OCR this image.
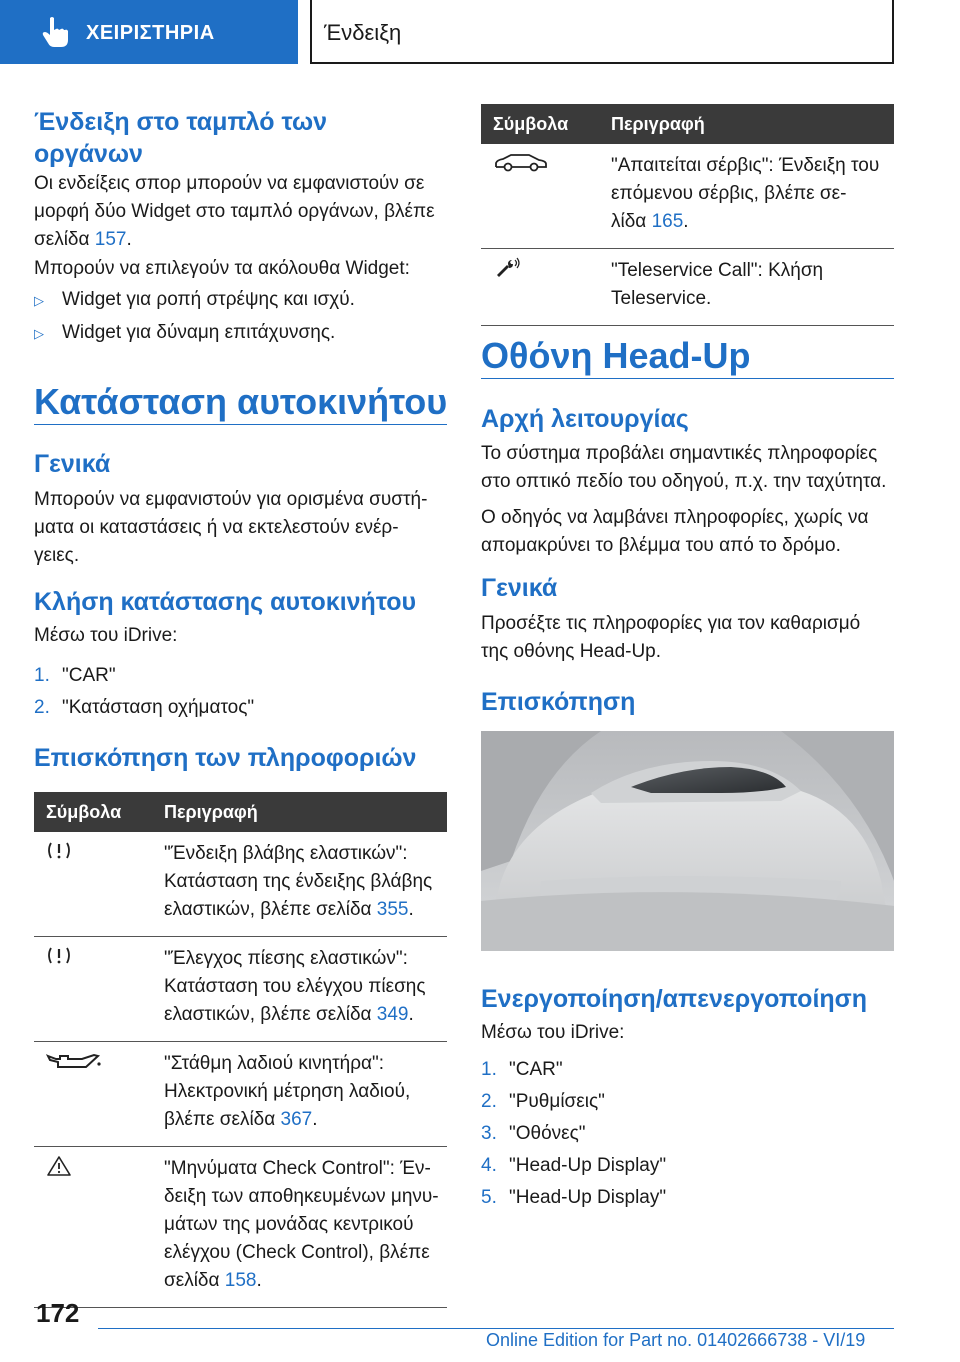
ΧΕΙΡΙΣΤΗΡΙΑ	Ένδειξη
Ένδειξη στο ταμπλό των
οργάνων

Οι ενδείξεις σπορ μπορούν να εμφανιστούν σε

μορφή δύο Widget στο ταμπλό οργάνων, βλέπε

σελίδα 157.

Μπορούν να επιλεγούν τα ακόλουθα Widget:

▷ Widget για ροπή στρέψης και ισχύ.
▷ Widget για δύναμη επιτάχυνσης.
Κατάσταση αυτοκινήτου
Γενικά

Μπορούν να εμφανιστούν για ορισμένα συστή-

ματα οι καταστάσεις ή να εκτελεστούν ενέρ-

γειες.

Κλήση κατάστασης αυτοκινήτου

Μέσω του iDrive:

1. "CAR"
2. "Κατάσταση οχήματος"
Επισκόπηση των πληροφοριών
Σύμβολα	Περιγραφή

"Ένδειξη βλάβης ελαστικών":
Κατάσταση της ένδειξης βλάβης
ελαστικών, βλέπε σελίδα 355.

"Έλεγχος πίεσης ελαστικών":
Κατάσταση του ελέγχου πίεσης
ελαστικών, βλέπε σελίδα 349.

"Στάθμη λαδιού κινητήρα":
Ηλεκτρονική μέτρηση λαδιού,
βλέπε σελίδα 367.

"Μηνύματα Check Control": Έν-
δειξη των αποθηκευμένων μηνυ-
μάτων της μονάδας κεντρικού
ελέγχου (Check Control), βλέπε
σελίδα 158.
Σύμβολα	Περιγραφή

"Απαιτείται σέρβις": Ένδειξη του
επόμενου σέρβις, βλέπε σε-
λίδα 165.

"Teleservice Call": Κλήση
Teleservice.
Οθόνη Head-Up
Αρχή λειτουργίας

Το σύστημα προβάλει σημαντικές πληροφορίες

στο οπτικό πεδίο του οδηγού, π.χ. την ταχύτητα.

Ο οδηγός να λαμβάνει πληροφορίες, χωρίς να

απομακρύνει το βλέμμα του από το δρόμο.

Γενικά

Προσέξτε τις πληροφορίες για τον καθαρισμό

της οθόνης Head-Up.

Επισκόπηση
Ενεργοποίηση/απενεργοποίηση

Μέσω του iDrive:

1. "CAR"
2. "Ρυθμίσεις"
3. "Οθόνες"
4. "Head-Up Display"
5. "Head-Up Display"
172
Online Edition for Part no. 01402666738 - VI/19
